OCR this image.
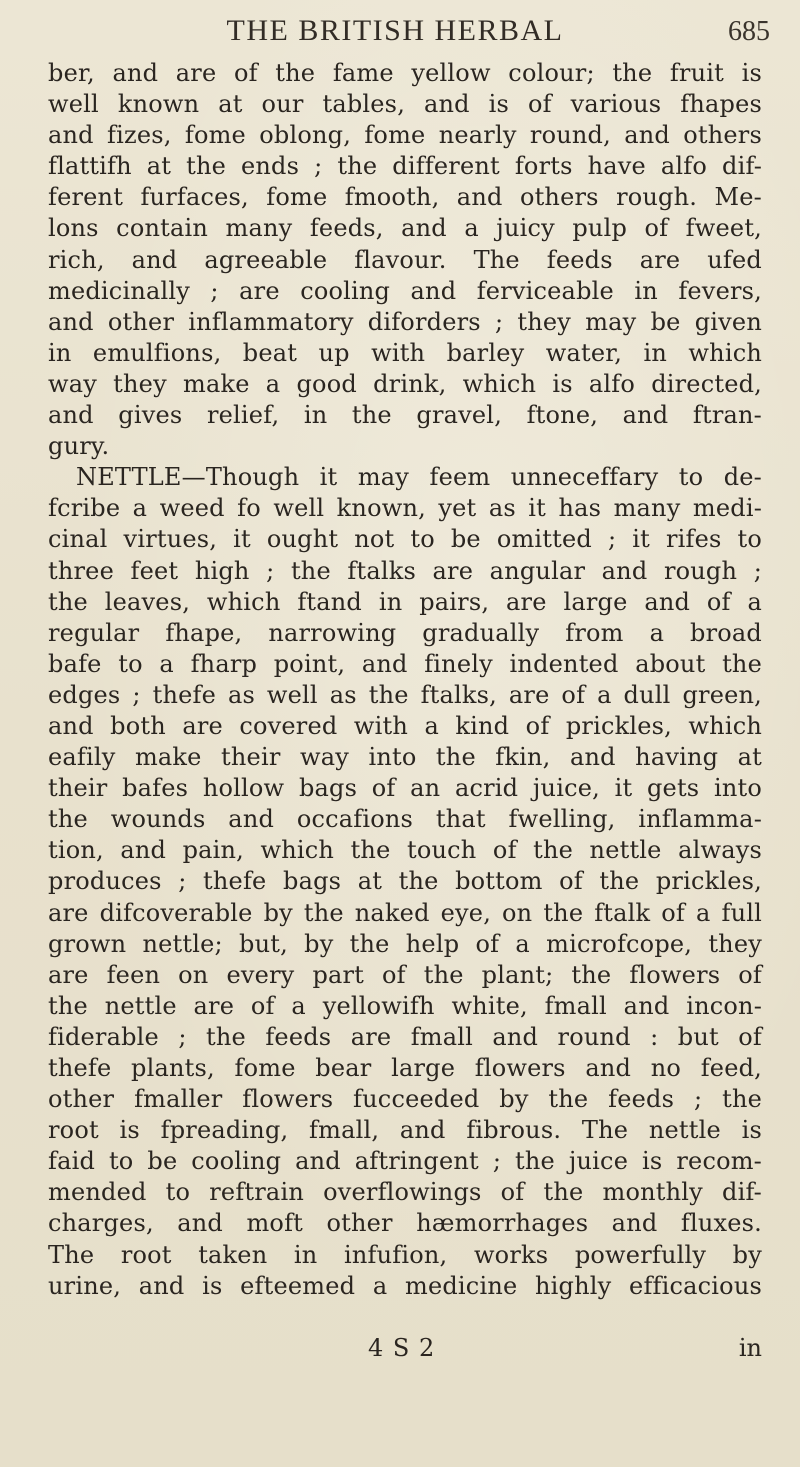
THE BRITISH HERBAL	685
ber, and are of the fame yellow colour; the fruit is
well known at our tables, and is of various fhapes
and fizes, fome oblong, fome nearly round, and others
flattifh at the ends ; the different forts have alfo dif-
ferent furfaces, fome fmooth, and others rough. Me-
lons contain many feeds, and a juicy pulp of fweet,
rich, and agreeable flavour. The feeds are ufed
medicinally ; are cooling and ferviceable in fevers,
and other inflammatory diforders ; they may be given
in emulfions, beat up with barley water, in which
way they make a good drink, which is alfo directed,
and gives relief, in the gravel, ftone, and ftran-
gury.
NETTLE—Though it may feem unneceffary to de-
fcribe a weed fo well known, yet as it has many medi-
cinal virtues, it ought not to be omitted ; it rifes to
three feet high ; the ftalks are angular and rough ;
the leaves, which ftand in pairs, are large and of a
regular fhape, narrowing gradually from a broad
bafe to a fharp point, and finely indented about the
edges ; thefe as well as the ftalks, are of a dull green,
and both are covered with a kind of prickles, which
eafily make their way into the fkin, and having at
their bafes hollow bags of an acrid juice, it gets into
the wounds and occafions that fwelling, inflamma-
tion, and pain, which the touch of the nettle always
produces ; thefe bags at the bottom of the prickles,
are difcoverable by the naked eye, on the ftalk of a full
grown nettle; but, by the help of a microfcope, they
are feen on every part of the plant; the flowers of
the nettle are of a yellowifh white, fmall and incon-
fiderable ; the feeds are fmall and round : but of
thefe plants, fome bear large flowers and no feed,
other fmaller flowers fucceeded by the feeds ; the
root is fpreading, fmall, and fibrous. The nettle is
faid to be cooling and aftringent ; the juice is recom-
mended to reftrain overflowings of the monthly dif-
charges, and moft other hæmorrhages and fluxes.
The root taken in infufion, works powerfully by
urine, and is efteemed a medicine highly efficacious
4 S 2	in
